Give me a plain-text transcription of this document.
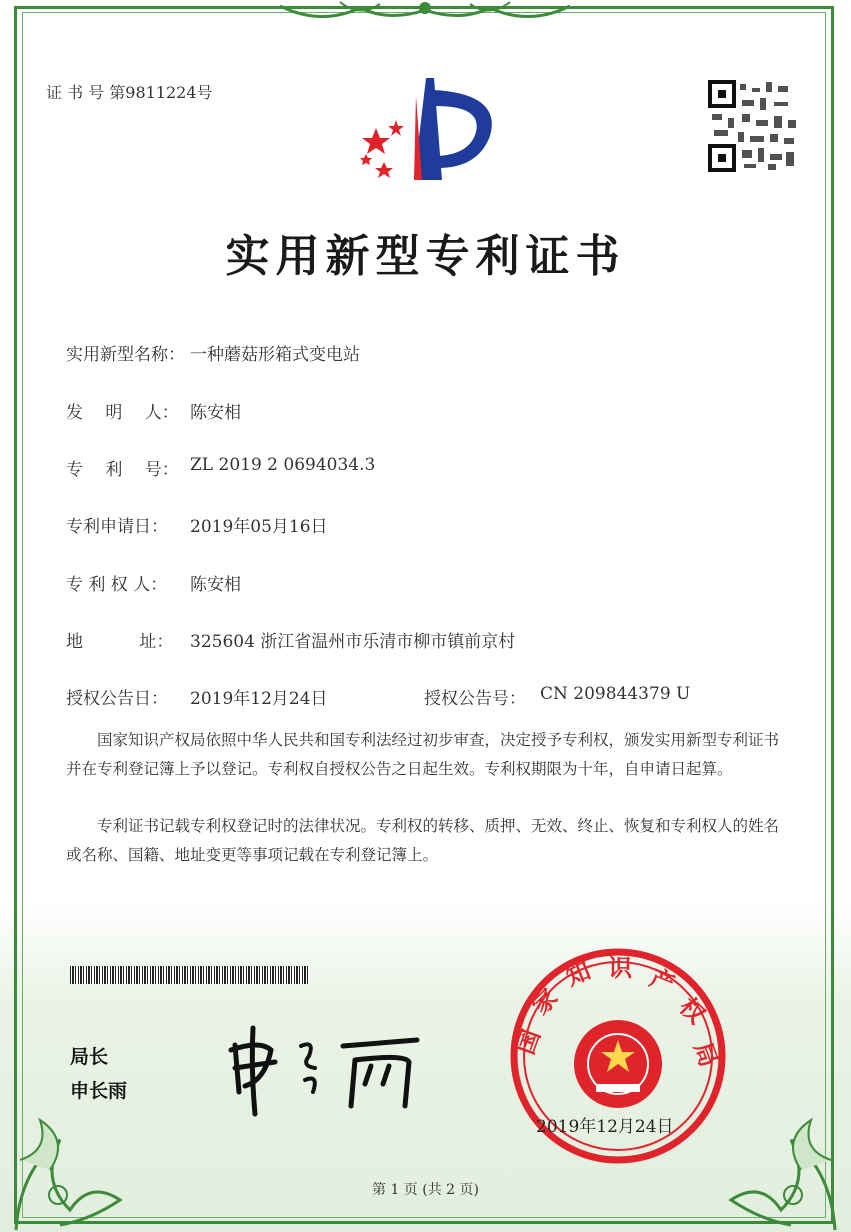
证 书 号 第9811224号
实用新型专利证书
实用新型名称： 一种蘑菇形箱式变电站
发　 明　 人： 陈安相
专　 利　 号： ZL 2019 2 0694034.3
专利申请日： 2019年05月16日
专 利 权 人： 陈安相
地　　　 址： 325604 浙江省温州市乐清市柳市镇前京村
授权公告日： 2019年12月24日	授权公告号： CN 209844379 U
国家知识产权局依照中华人民共和国专利法经过初步审查，决定授予专利权，颁发实用新型专利证书并在专利登记簿上予以登记。专利权自授权公告之日起生效。专利权期限为十年，自申请日起算。
专利证书记载专利权登记时的法律状况。专利权的转移、质押、无效、终止、恢复和专利权人的姓名或名称、国籍、地址变更等事项记载在专利登记簿上。
局长
申长雨
国
家
知 识 产
权
局
2019年12月24日
第 1 页 (共 2 页)
